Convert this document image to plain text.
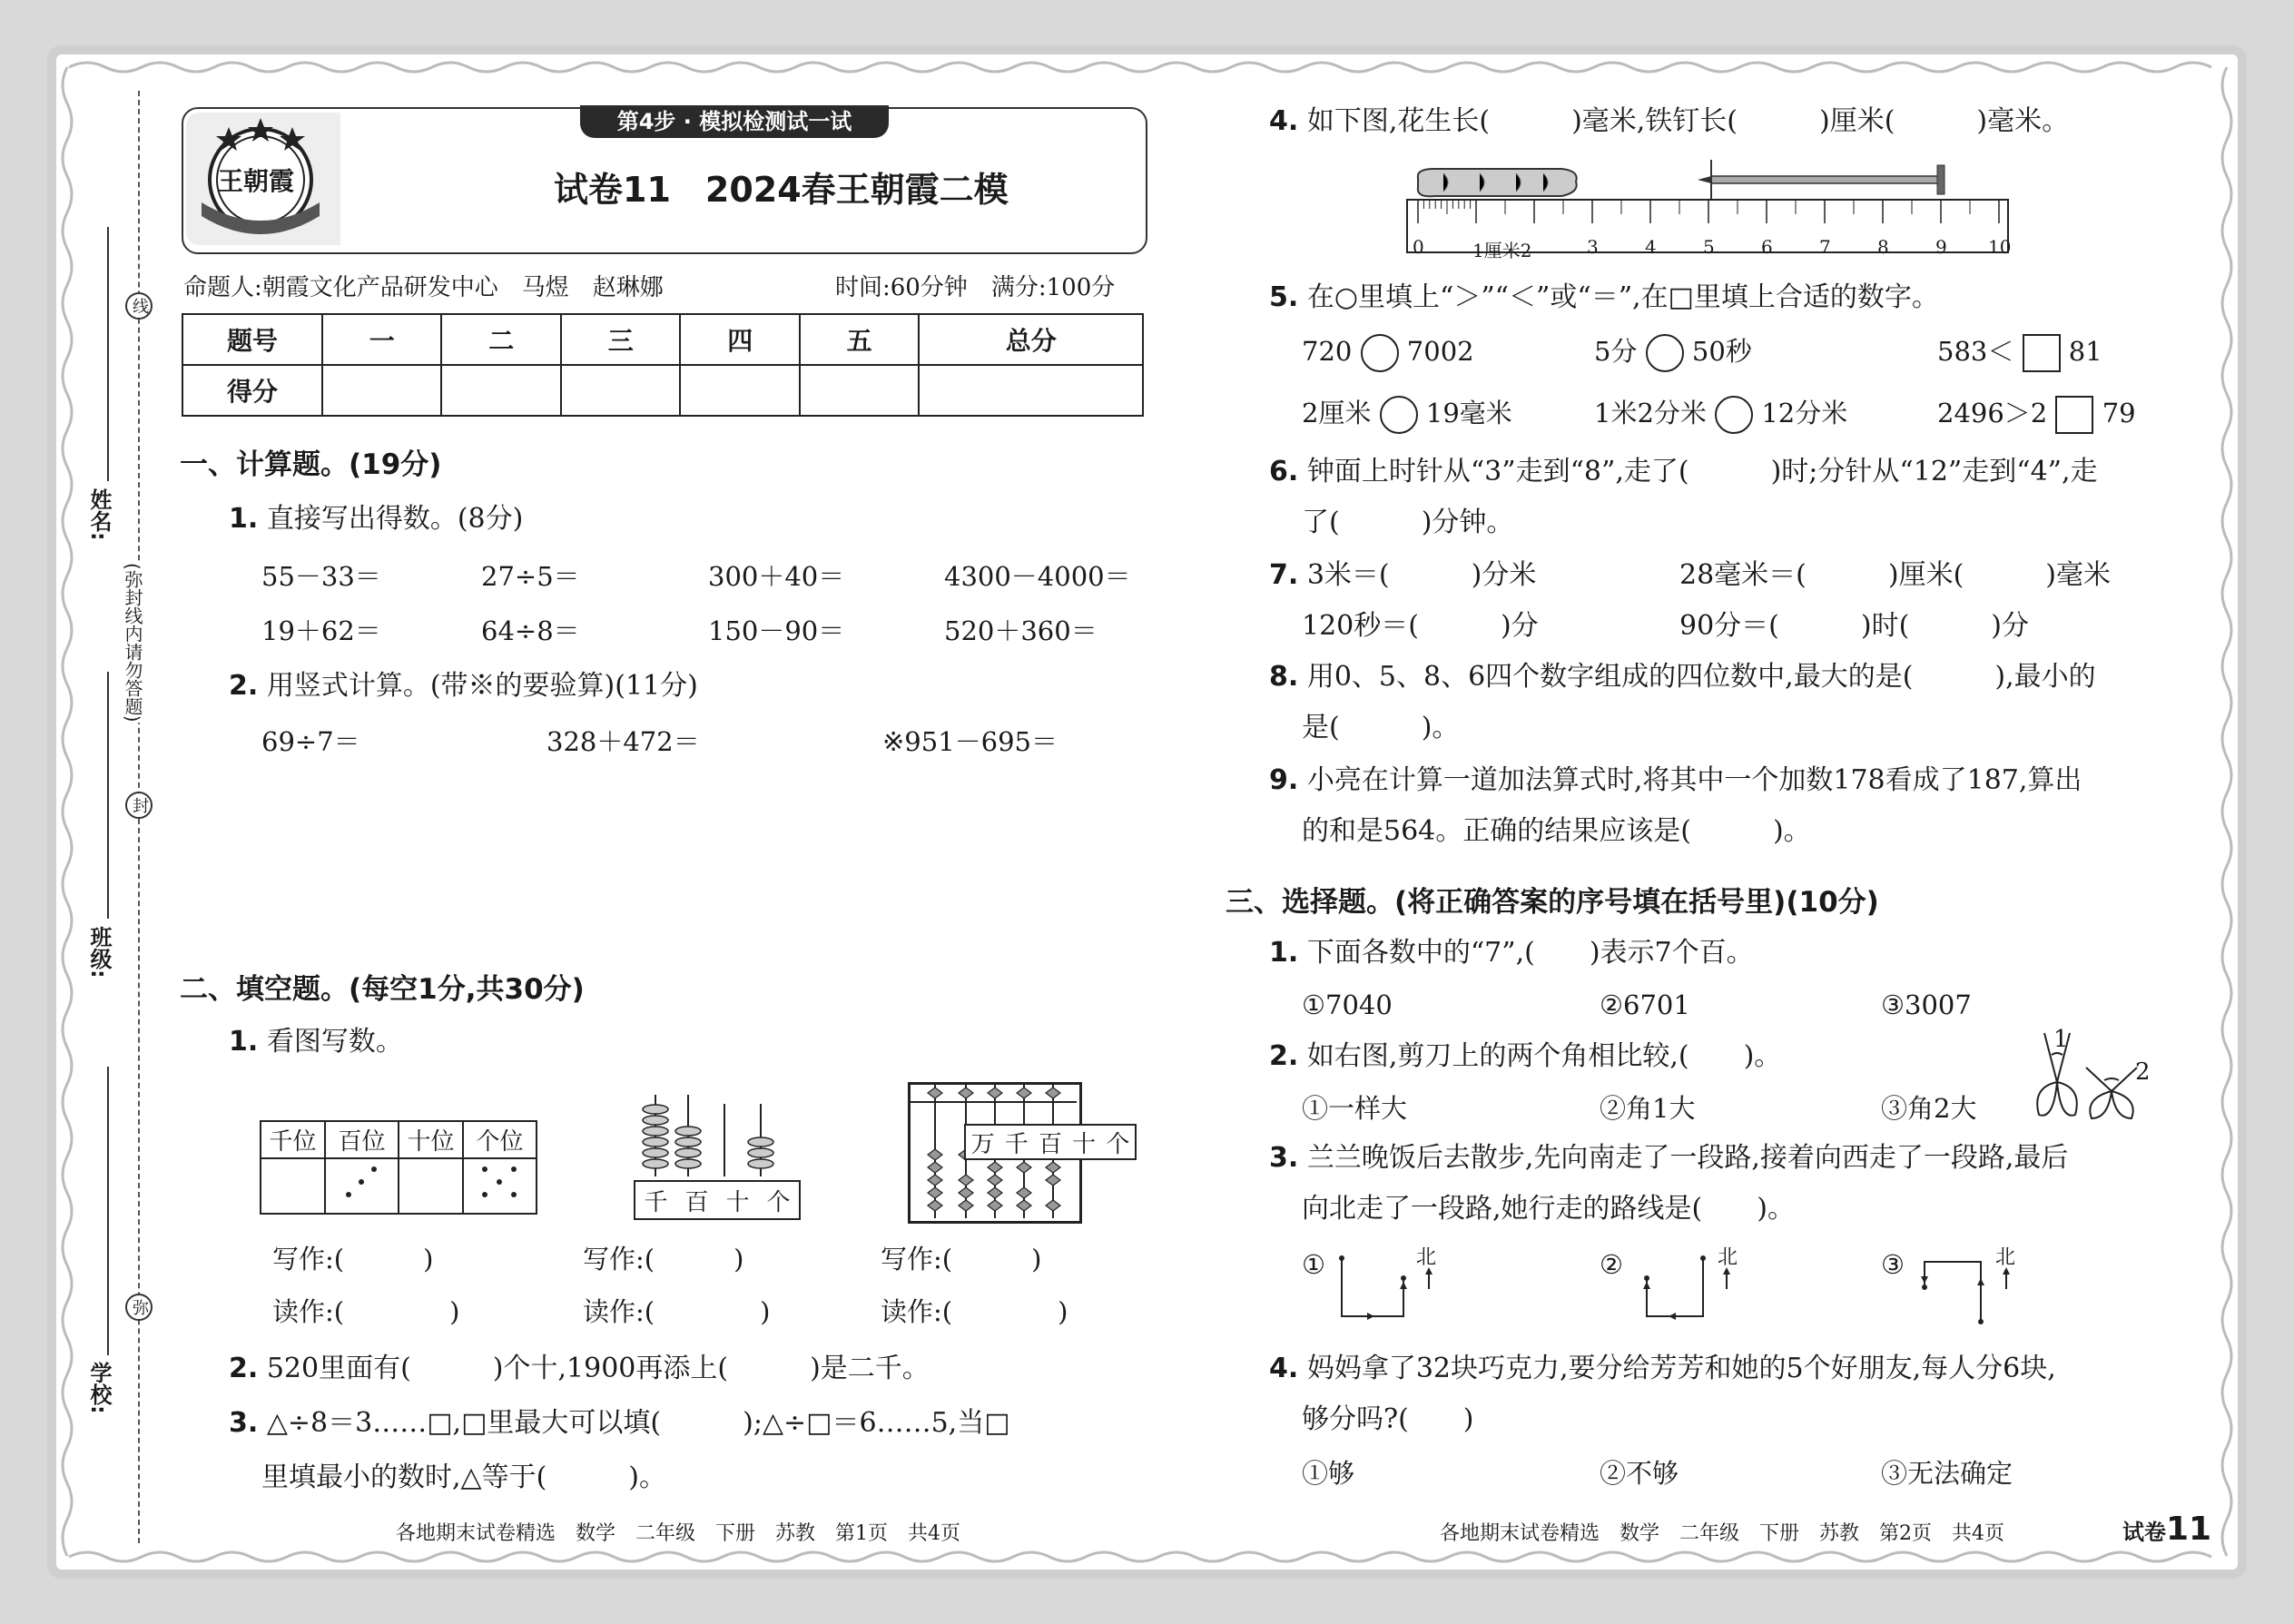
线
封
弥
(弥封线内请勿答题)
姓名:
班级:
学校:
第4步 · 模拟检测试一试
王朝霞	试卷11　2024春王朝霞二模
命题人:朝霞文化产品研发中心　马煜　赵琳娜	时间:60分钟　满分:100分
题号	一	二	三	四	五	总分
得分						
一、计算题。(19分)
1. 直接写出得数。(8分)
55－33＝	27÷5＝	300＋40＝	4300－4000＝
19＋62＝	64÷8＝	150－90＝	520＋360＝
2. 用竖式计算。(带※的要验算)(11分)
69÷7＝	328＋472＝	※951－695＝
二、填空题。(每空1分,共30分)
1. 看图写数。
千位	百位	十位	个位

千 百 十 个
万 千 百 十 个
写作:(　　　)	写作:(　　　)	写作:(　　　)
读作:(　　　　)	读作:(　　　　)	读作:(　　　　)
2. 520里面有(　　　)个十,1900再添上(　　　)是二千。
3. △÷8＝3……□,□里最大可以填(　　　);△÷□＝6……5,当□
里填最小的数时,△等于(　　　)。
各地期末试卷精选　数学　二年级　下册　苏教　第1页　共4页
4. 如下图,花生长(　　　)毫米,铁钉长(　　　)厘米(　　　)毫米。
0	1厘米2	3	4	5	6	7	8	9 10
5. 在○里填上“＞”“＜”或“＝”,在□里填上合适的数字。
720 7002	5分 50秒	583＜ 81
2厘米 19毫米	1米2分米 12分米	2496＞2 79
6. 钟面上时针从“3”走到“8”,走了(　　　)时;分针从“12”走到“4”,走
了(　　　)分钟。
7. 3米＝(　　　)分米	28毫米＝(　　　)厘米(　　　)毫米
120秒＝(　　　)分	90分＝(　　　)时(　　　)分
8. 用0、5、8、6四个数字组成的四位数中,最大的是(　　　),最小的
是(　　　)。
9. 小亮在计算一道加法算式时,将其中一个加数178看成了187,算出
的和是564。正确的结果应该是(　　　)。
三、选择题。(将正确答案的序号填在括号里)(10分)
1. 下面各数中的“7”,(　　)表示7个百。
①7040	②6701	③3007
2. 如右图,剪刀上的两个角相比较,(　　)。
①一样大	②角1大	③角2大
1
2
3. 兰兰晚饭后去散步,先向南走了一段路,接着向西走了一段路,最后
向北走了一段路,她行走的路线是(　　)。
①	北	②	北	③	北
4. 妈妈拿了32块巧克力,要分给芳芳和她的5个好朋友,每人分6块,
够分吗?(　　)
①够	②不够	③无法确定
各地期末试卷精选　数学　二年级　下册　苏教　第2页　共4页	试卷11
